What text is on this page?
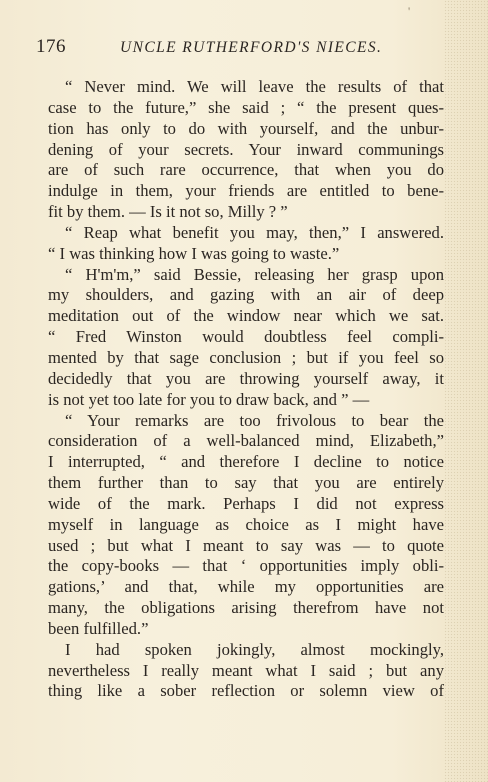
'
176	UNCLE RUTHERFORD'S NIECES.
“ Never mind. We will leave the results of that
case to the future,” she said ; “ the present ques-
tion has only to do with yourself, and the unbur-
dening of your secrets. Your inward communings
are of such rare occurrence, that when you do
indulge in them, your friends are entitled to bene-
fit by them. — Is it not so, Milly ? ”
“ Reap what benefit you may, then,” I answered.
“ I was thinking how I was going to waste.”
“ H'm'm,” said Bessie, releasing her grasp upon
my shoulders, and gazing with an air of deep
meditation out of the window near which we sat.
“ Fred Winston would doubtless feel compli-
mented by that sage conclusion ; but if you feel so
decidedly that you are throwing yourself away, it
is not yet too late for you to draw back, and ” —
“ Your remarks are too frivolous to bear the
consideration of a well-balanced mind, Elizabeth,”
I interrupted, “ and therefore I decline to notice
them further than to say that you are entirely
wide of the mark. Perhaps I did not express
myself in language as choice as I might have
used ; but what I meant to say was — to quote
the copy-books — that ‘ opportunities imply obli-
gations,’ and that, while my opportunities are
many, the obligations arising therefrom have not
been fulfilled.”
I had spoken jokingly, almost mockingly,
nevertheless I really meant what I said ; but any
thing like a sober reflection or solemn view of
